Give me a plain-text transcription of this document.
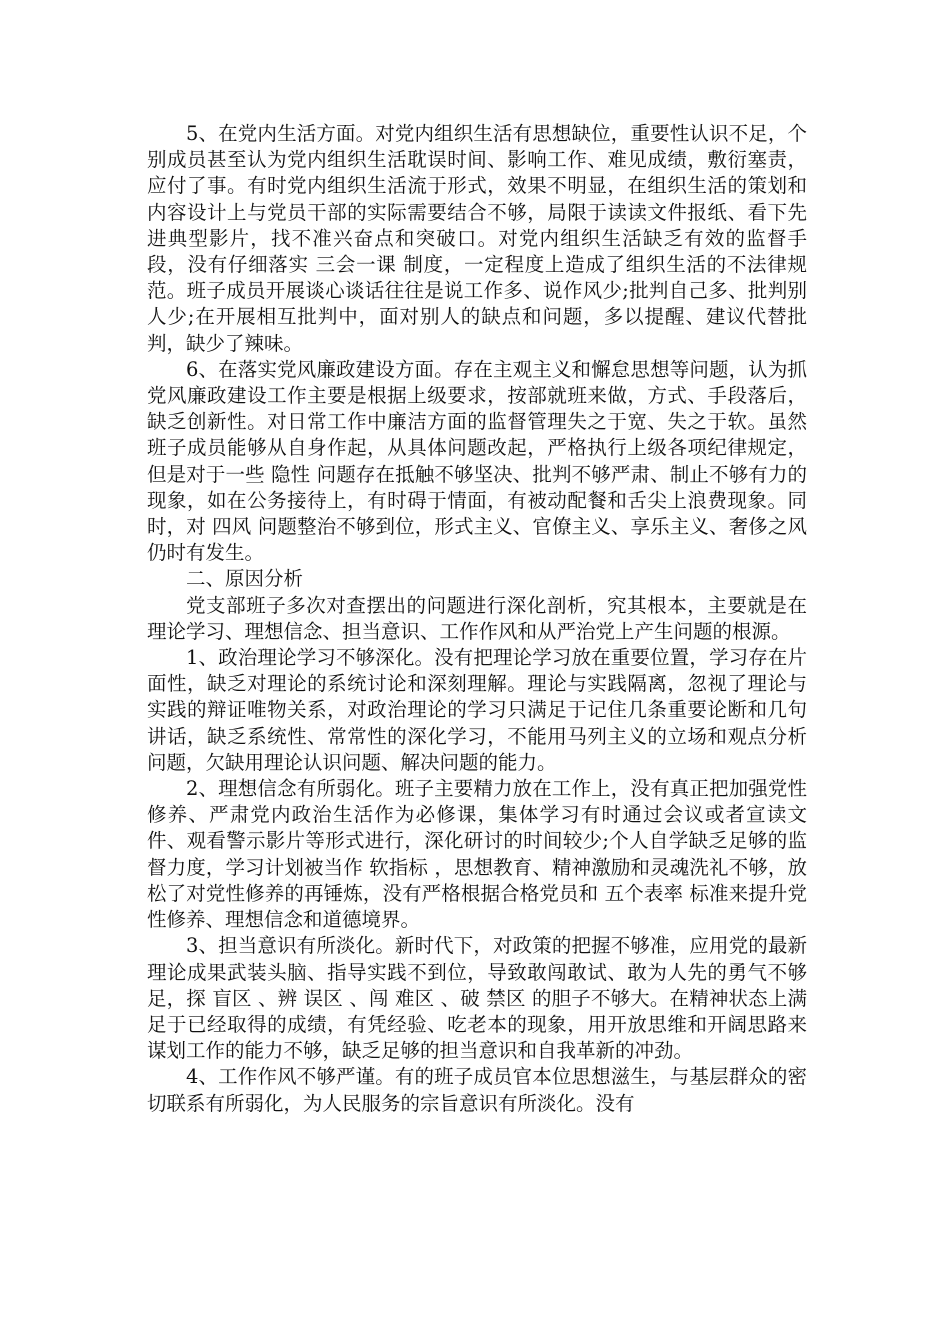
5、在党内生活方面。对党内组织生活有思想缺位，重要性认识不足，个别成员甚至认为党内组织生活耽误时间、影响工作、难见成绩，敷衍塞责，应付了事。有时党内组织生活流于形式，效果不明显，在组织生活的策划和内容设计上与党员干部的实际需要结合不够，局限于读读文件报纸、看下先进典型影片，找不准兴奋点和突破口。对党内组织生活缺乏有效的监督手段，没有仔细落实 三会一课 制度，一定程度上造成了组织生活的不法律规范。班子成员开展谈心谈话往往是说工作多、说作风少;批判自己多、批判别人少;在开展相互批判中，面对别人的缺点和问题，多以提醒、建议代替批判，缺少了辣味。

6、在落实党风廉政建设方面。存在主观主义和懈怠思想等问题，认为抓党风廉政建设工作主要是根据上级要求，按部就班来做，方式、手段落后，缺乏创新性。对日常工作中廉洁方面的监督管理失之于宽、失之于软。虽然班子成员能够从自身作起，从具体问题改起，严格执行上级各项纪律规定，但是对于一些 隐性 问题存在抵触不够坚决、批判不够严肃、制止不够有力的现象，如在公务接待上，有时碍于情面，有被动配餐和舌尖上浪费现象。同时，对 四风 问题整治不够到位，形式主义、官僚主义、享乐主义、奢侈之风仍时有发生。

二、原因分析

党支部班子多次对查摆出的问题进行深化剖析，究其根本，主要就是在理论学习、理想信念、担当意识、工作作风和从严治党上产生问题的根源。

1、政治理论学习不够深化。没有把理论学习放在重要位置，学习存在片面性，缺乏对理论的系统讨论和深刻理解。理论与实践隔离，忽视了理论与实践的辩证唯物关系，对政治理论的学习只满足于记住几条重要论断和几句讲话，缺乏系统性、常常性的深化学习，不能用马列主义的立场和观点分析问题，欠缺用理论认识问题、解决问题的能力。

2、理想信念有所弱化。班子主要精力放在工作上，没有真正把加强党性修养、严肃党内政治生活作为必修课，集体学习有时通过会议或者宣读文件、观看警示影片等形式进行，深化研讨的时间较少;个人自学缺乏足够的监督力度，学习计划被当作 软指标 ，思想教育、精神激励和灵魂洗礼不够，放松了对党性修养的再锤炼，没有严格根据合格党员和 五个表率 标准来提升党性修养、理想信念和道德境界。

3、担当意识有所淡化。新时代下，对政策的把握不够准，应用党的最新理论成果武装头脑、指导实践不到位，导致敢闯敢试、敢为人先的勇气不够足，探 盲区 、辨 误区 、闯 难区 、破 禁区 的胆子不够大。在精神状态上满足于已经取得的成绩，有凭经验、吃老本的现象，用开放思维和开阔思路来谋划工作的能力不够，缺乏足够的担当意识和自我革新的冲劲。

4、工作作风不够严谨。有的班子成员官本位思想滋生，与基层群众的密切联系有所弱化，为人民服务的宗旨意识有所淡化。没有
